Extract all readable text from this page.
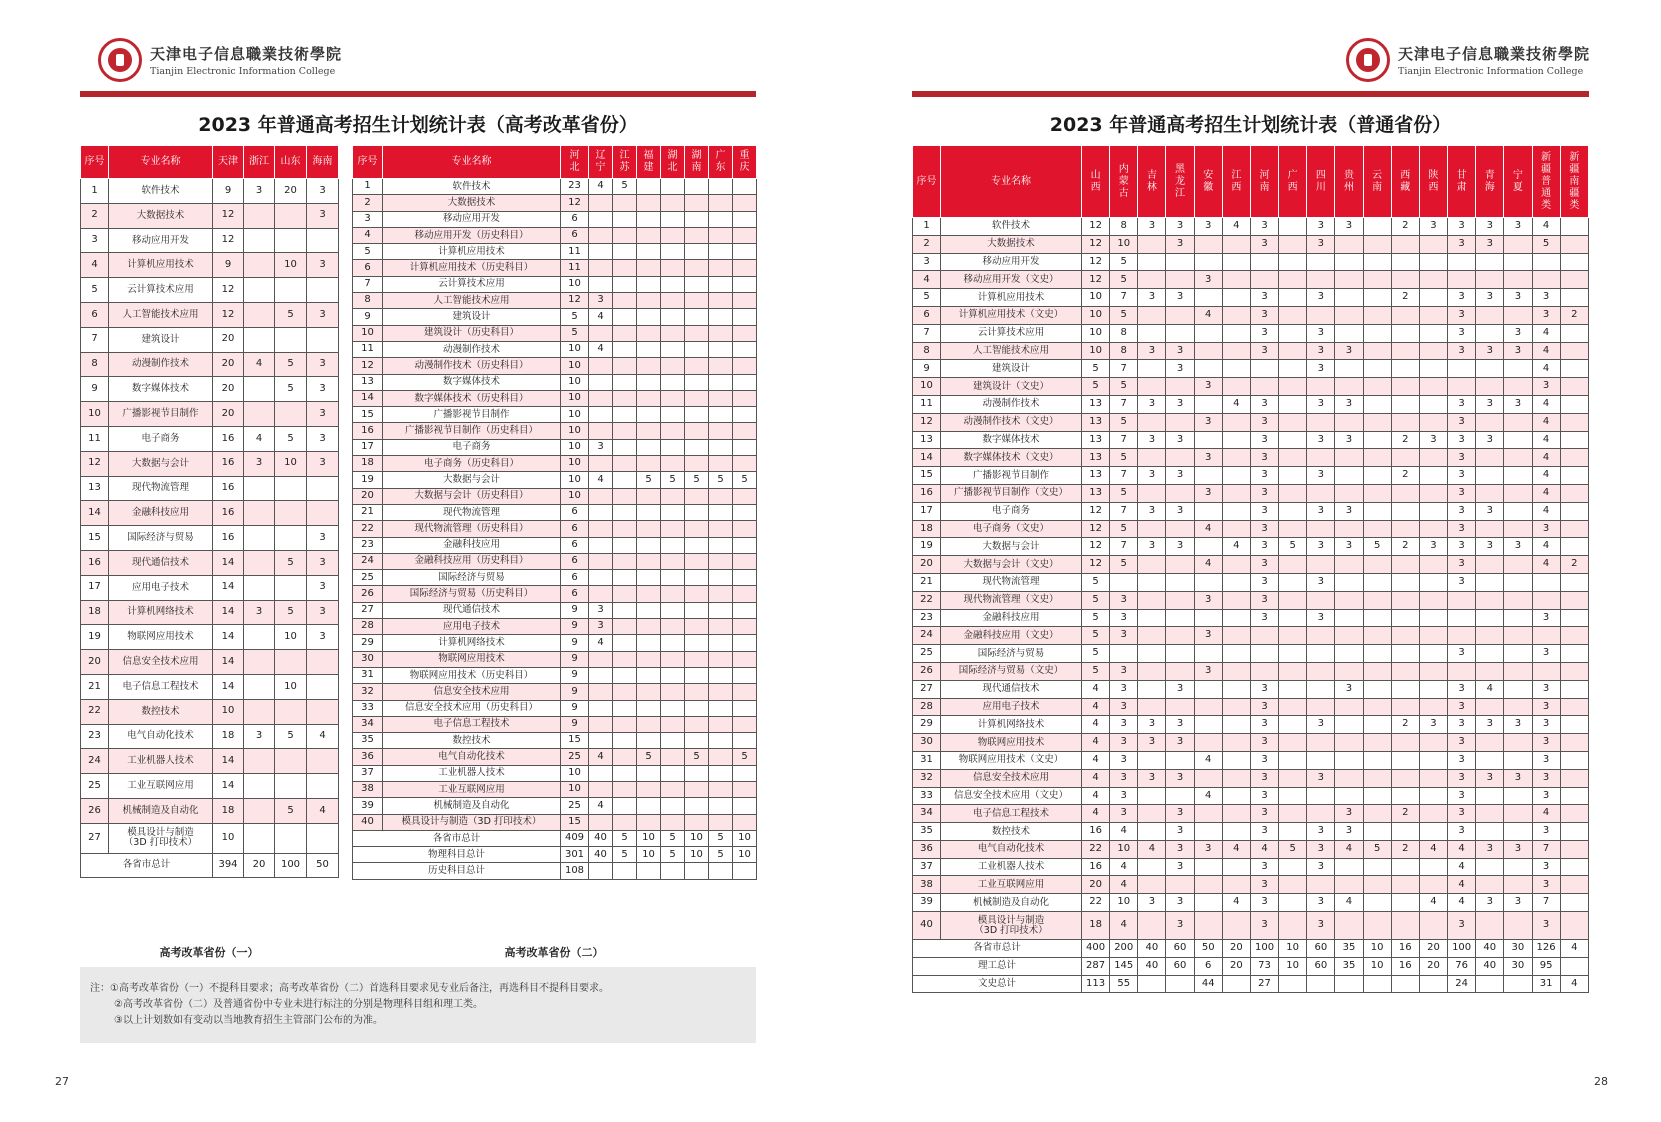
天津电子信息職業技術學院
Tianjin Electronic Information College
2023 年普通高考招生计划统计表（高考改革省份）
序号	专业名称	天津	浙江	山东	海南
1	软件技术	9	3	20	3
2	大数据技术	12			3
3	移动应用开发	12			
4	计算机应用技术	9		10	3
5	云计算技术应用	12			
6	人工智能技术应用	12		5	3
7	建筑设计	20			
8	动漫制作技术	20	4	5	3
9	数字媒体技术	20		5	3
10	广播影视节目制作	20			3
11	电子商务	16	4	5	3
12	大数据与会计	16	3	10	3
13	现代物流管理	16			
14	金融科技应用	16			
15	国际经济与贸易	16			3
16	现代通信技术	14		5	3
17	应用电子技术	14			3
18	计算机网络技术	14	3	5	3
19	物联网应用技术	14		10	3
20	信息安全技术应用	14			
21	电子信息工程技术	14		10	
22	数控技术	10			
23	电气自动化技术	18	3	5	4
24	工业机器人技术	14			
25	工业互联网应用	14			
26	机械制造及自动化	18		5	4
27	模具设计与制造
（3D 打印技术）	10			
各省市总计		394	20	100	50
高考改革省份（一）
序号	专业名称	河北	辽宁	江苏	福建	湖北	湖南	广东	重庆
1	软件技术	23	4	5					
2	大数据技术	12							
3	移动应用开发	6							
4	移动应用开发（历史科目）	6							
5	计算机应用技术	11							
6	计算机应用技术（历史科目）	11							
7	云计算技术应用	10							
8	人工智能技术应用	12	3						
9	建筑设计	5	4						
10	建筑设计（历史科目）	5							
11	动漫制作技术	10	4						
12	动漫制作技术（历史科目）	10							
13	数字媒体技术	10							
14	数字媒体技术（历史科目）	10							
15	广播影视节目制作	10							
16	广播影视节目制作（历史科目）	10							
17	电子商务	10	3						
18	电子商务（历史科目）	10							
19	大数据与会计	10	4		5	5	5	5	5
20	大数据与会计（历史科目）	10							
21	现代物流管理	6							
22	现代物流管理（历史科目）	6							
23	金融科技应用	6							
24	金融科技应用（历史科目）	6							
25	国际经济与贸易	6							
26	国际经济与贸易（历史科目）	6							
27	现代通信技术	9	3						
28	应用电子技术	9	3						
29	计算机网络技术	9	4						
30	物联网应用技术	9							
31	物联网应用技术（历史科目）	9							
32	信息安全技术应用	9							
33	信息安全技术应用（历史科目）	9							
34	电子信息工程技术	9							
35	数控技术	15							
36	电气自动化技术	25	4		5		5		5
37	工业机器人技术	10							
38	工业互联网应用	10							
39	机械制造及自动化	25	4						
40	模具设计与制造（3D 打印技术）	15							
各省市总计		409	40	5	10	5	10	5	10
物理科目总计		301	40	5	10	5	10	5	10
历史科目总计		108							
高考改革省份（二）
注：①高考改革省份（一）不提科目要求；高考改革省份（二）首选科目要求见专业后备注，再选科目不提科目要求。
②高考改革省份（二）及普通省份中专业未进行标注的分别是物理科目组和理工类。
③以上计划数如有变动以当地教育招生主管部门公布的为准。
27
天津电子信息職業技術學院
Tianjin Electronic Information College
2023 年普通高考招生计划统计表（普通省份）
序号	专业名称	山西	内蒙古	吉林	黑龙江	安徽	江西	河南	广西	四川	贵州	云南	西藏	陕西	甘肃	青海	宁夏	新疆普通类	新疆南疆类
1	软件技术	12	8	3	3	3	4	3		3	3		2	3	3	3	3	4	
2	大数据技术	12	10		3			3		3					3	3		5	
3	移动应用开发	12	5																
4	移动应用开发（文史）	12	5			3													
5	计算机应用技术	10	7	3	3			3		3			2		3	3	3	3	
6	计算机应用技术（文史）	10	5			4		3							3			3	2
7	云计算技术应用	10	8					3		3					3		3	4	
8	人工智能技术应用	10	8	3	3			3		3	3				3	3	3	4	
9	建筑设计	5	7		3					3								4	
10	建筑设计（文史）	5	5			3												3	
11	动漫制作技术	13	7	3	3		4	3		3	3				3	3	3	4	
12	动漫制作技术（文史）	13	5			3		3							3			4	
13	数字媒体技术	13	7	3	3			3		3	3		2	3	3	3		4	
14	数字媒体技术（文史）	13	5			3		3							3			4	
15	广播影视节目制作	13	7	3	3			3		3			2		3			4	
16	广播影视节目制作（文史）	13	5			3		3							3			4	
17	电子商务	12	7	3	3			3		3	3				3	3		4	
18	电子商务（文史）	12	5			4		3							3			3	
19	大数据与会计	12	7	3	3		4	3	5	3	3	5	2	3	3	3	3	4	
20	大数据与会计（文史）	12	5			4		3							3			4	2
21	现代物流管理	5						3		3					3				
22	现代物流管理（文史）	5	3			3		3											
23	金融科技应用	5	3					3		3								3	
24	金融科技应用（文史）	5	3			3													
25	国际经济与贸易	5													3			3	
26	国际经济与贸易（文史）	5	3			3													
27	现代通信技术	4	3		3			3			3				3	4		3	
28	应用电子技术	4	3					3							3			3	
29	计算机网络技术	4	3	3	3			3		3			2	3	3	3	3	3	
30	物联网应用技术	4	3	3	3			3							3			3	
31	物联网应用技术（文史）	4	3			4		3							3			3	
32	信息安全技术应用	4	3	3	3			3		3					3	3	3	3	
33	信息安全技术应用（文史）	4	3			4		3							3			3	
34	电子信息工程技术	4	3		3			3			3		2		3			4	
35	数控技术	16	4		3			3		3	3				3			3	
36	电气自动化技术	22	10	4	3	3	4	4	5	3	4	5	2	4	4	3	3	7	
37	工业机器人技术	16	4		3			3		3					4			3	
38	工业互联网应用	20	4					3							4			3	
39	机械制造及自动化	22	10	3	3		4	3		3	4			4	4	3	3	7	
40	模具设计与制造
（3D 打印技术）	18	4		3			3		3					3			3	
各省市总计		400	200	40	60	50	20	100	10	60	35	10	16	20	100	40	30	126	4
理工总计		287	145	40	60	6	20	73	10	60	35	10	16	20	76	40	30	95	
文史总计		113	55			44		27							24			31	4
28
